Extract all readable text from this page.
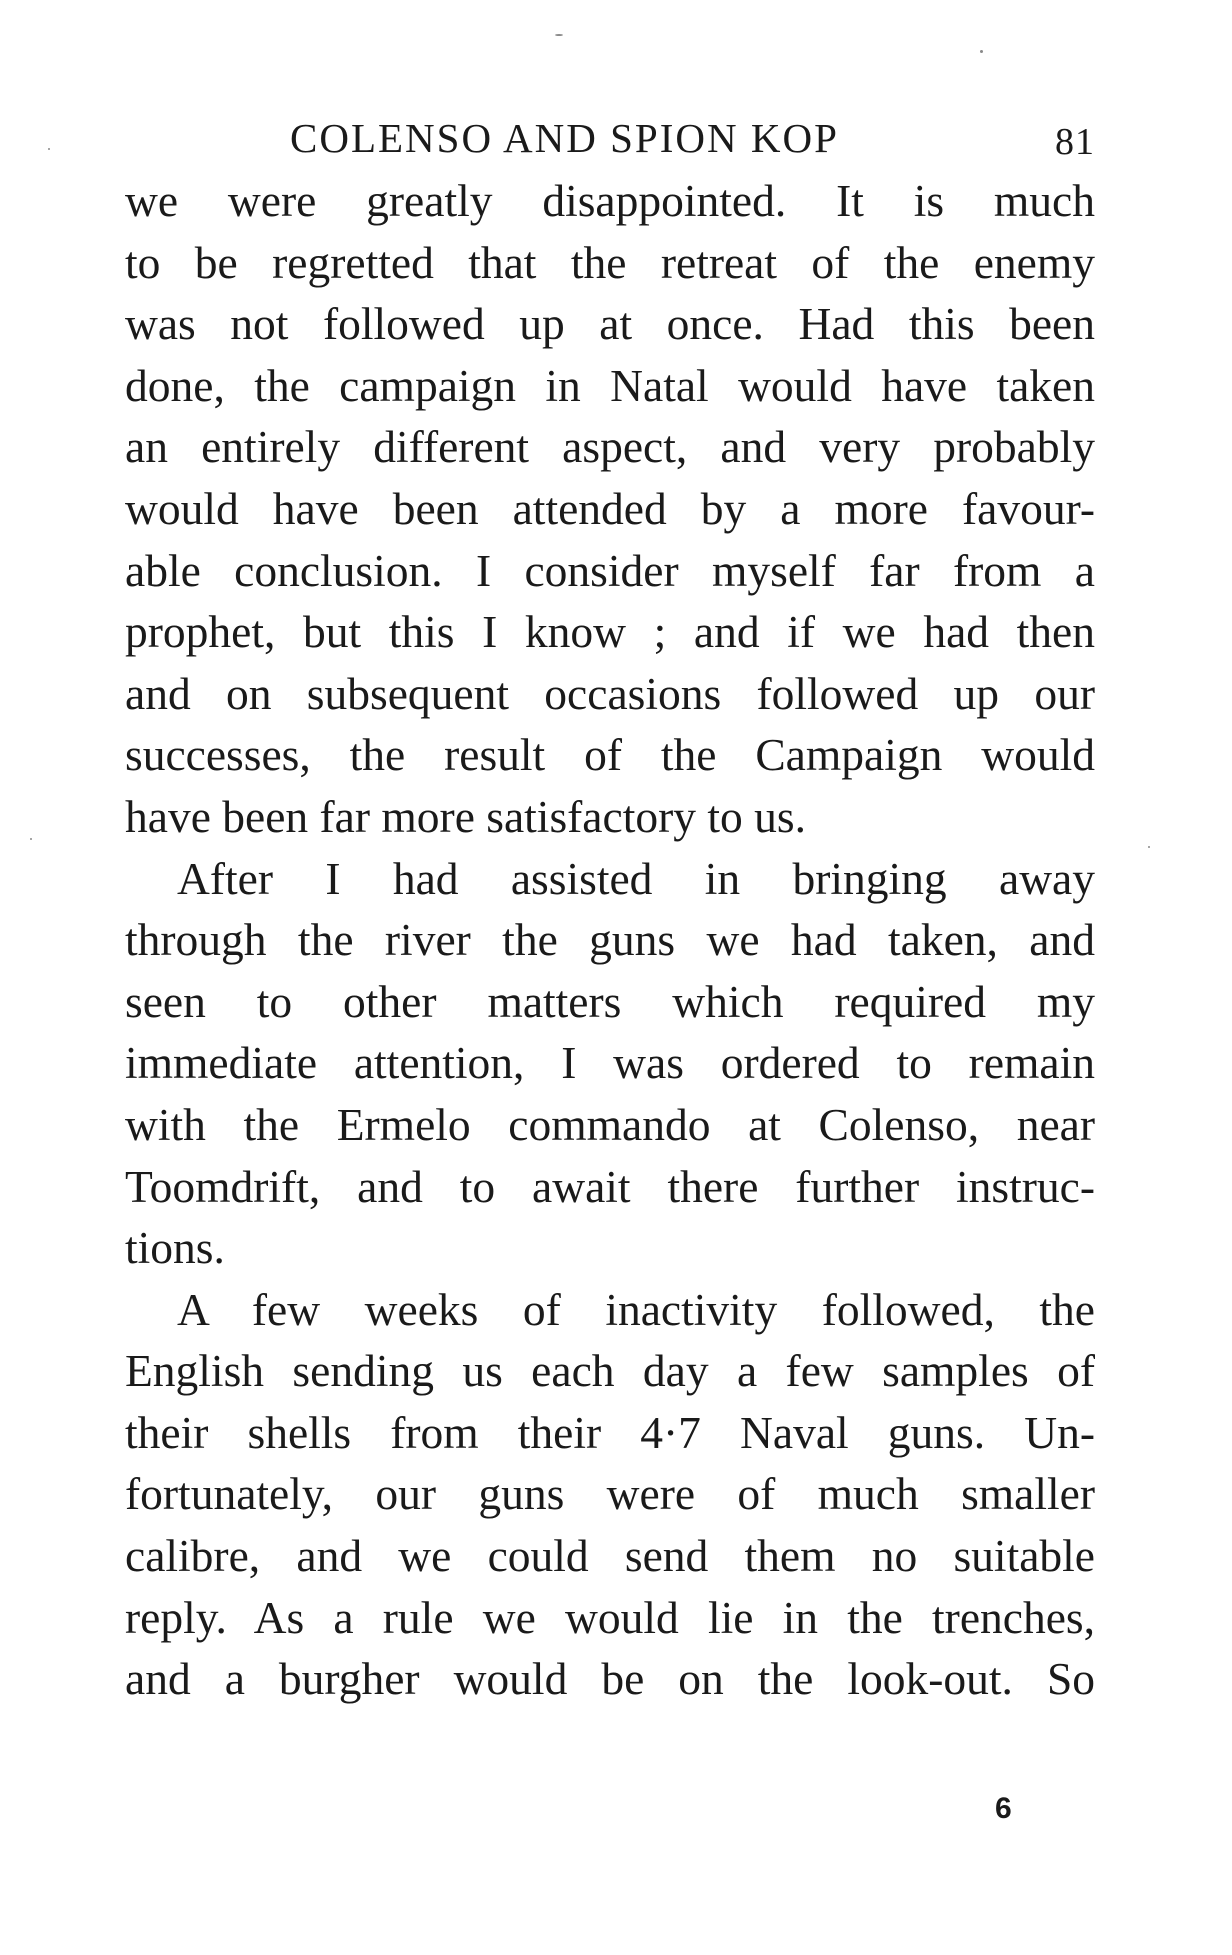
COLENSO AND SPION KOP	81
we were greatly disappointed. It is much
to be regretted that the retreat of the enemy
was not followed up at once. Had this been
done, the campaign in Natal would have taken
an entirely different aspect, and very probably
would have been attended by a more favour-
able conclusion. I consider myself far from a
prophet, but this I know ; and if we had then
and on subsequent occasions followed up our
successes, the result of the Campaign would
have been far more satisfactory to us.
After I had assisted in bringing away
through the river the guns we had taken, and
seen to other matters which required my
immediate attention, I was ordered to remain
with the Ermelo commando at Colenso, near
Toomdrift, and to await there further instruc-
tions.
A few weeks of inactivity followed, the
English sending us each day a few samples of
their shells from their 4·7 Naval guns. Un-
fortunately, our guns were of much smaller
calibre, and we could send them no suitable
reply. As a rule we would lie in the trenches,
and a burgher would be on the look-out. So
6
